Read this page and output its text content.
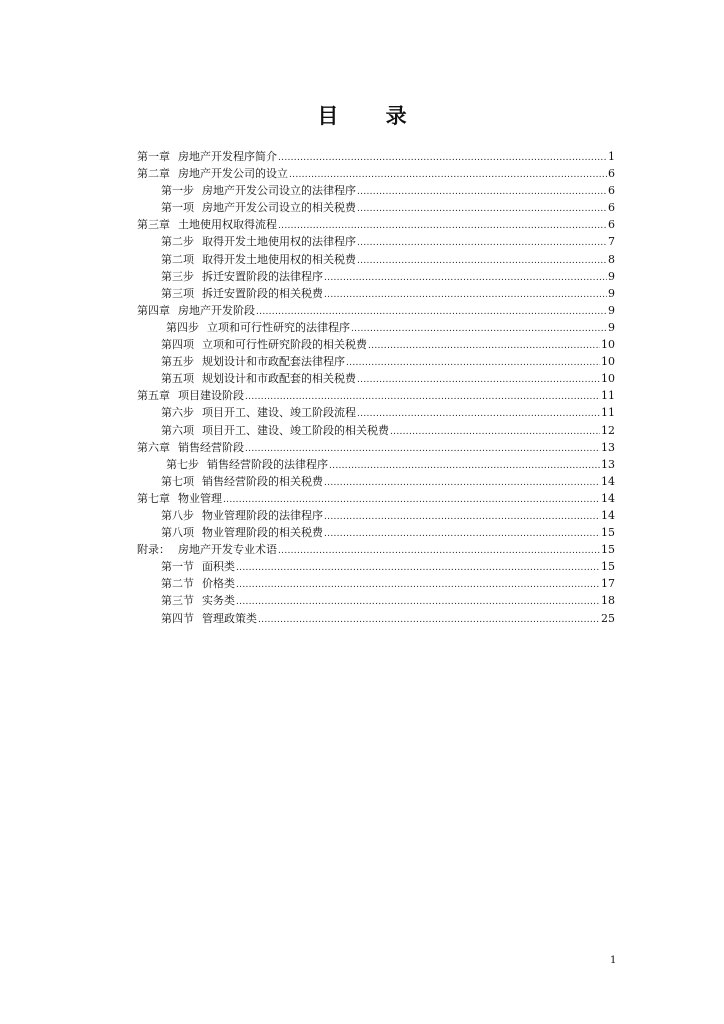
目 录
第一章 房地产开发程序简介 .....	1
第二章 房地产开发公司的设立 .....	6
第一步 房地产开发公司设立的法律程序 .....	6
第一项 房地产开发公司设立的相关税费 .....	6
第三章 土地使用权取得流程 .....	6
第二步 取得开发土地使用权的法律程序 .....	7
第二项 取得开发土地使用权的相关税费 .....	8
第三步 拆迁安置阶段的法律程序 .....	9
第三项 拆迁安置阶段的相关税费 .....	9
第四章 房地产开发阶段 .....	9
第四步 立项和可行性研究的法律程序 .....	9
第四项 立项和可行性研究阶段的相关税费 .....	10
第五步 规划设计和市政配套法律程序 .....	10
第五项 规划设计和市政配套的相关税费 .....	10
第五章 项目建设阶段 .....	11
第六步 项目开工、建设、竣工阶段流程 .....	11
第六项 项目开工、建设、竣工阶段的相关税费 .....	12
第六章 销售经营阶段 .....	13
第七步 销售经营阶段的法律程序 .....	13
第七项 销售经营阶段的相关税费 .....	14
第七章 物业管理 .....	14
第八步 物业管理阶段的法律程序 .....	14
第八项 物业管理阶段的相关税费 .....	15
附录： 房地产开发专业术语 .....	15
第一节 面积类 .....	15
第二节 价格类 .....	17
第三节 实务类 .....	18
第四节 管理政策类 .....	25
1
